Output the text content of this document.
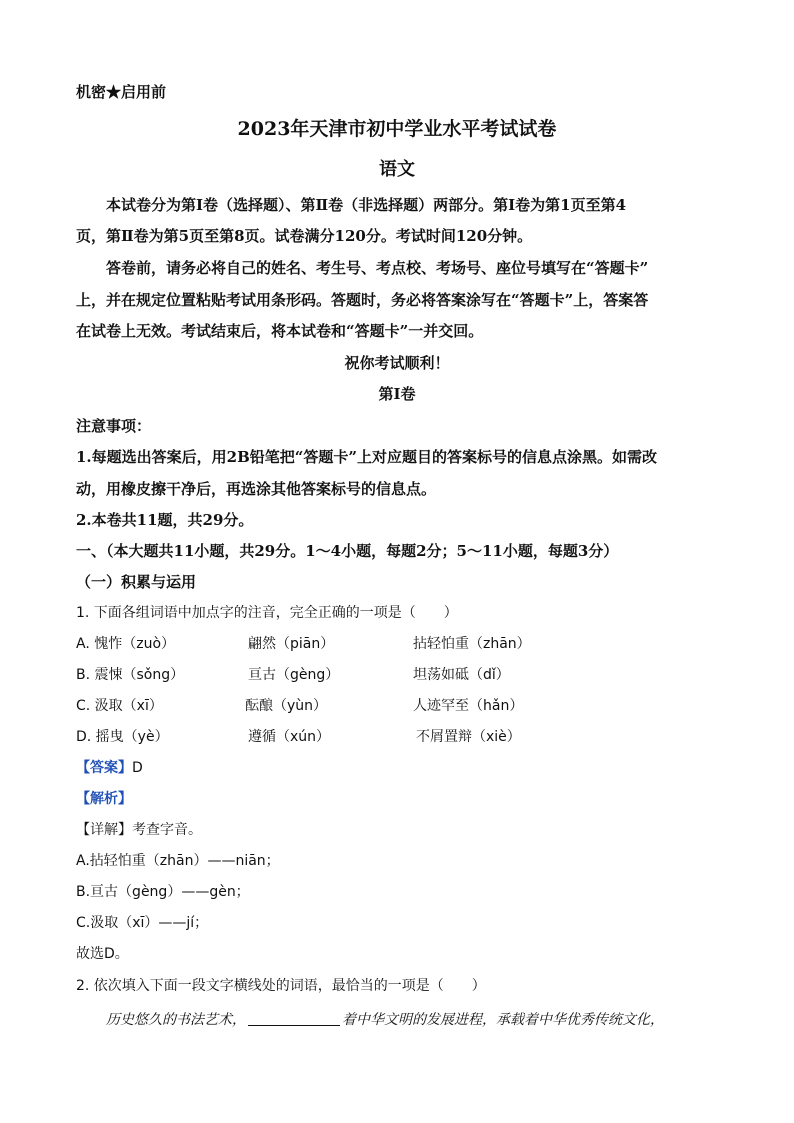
机密★启用前
2023年天津市初中学业水平考试试卷
语文
本试卷分为第Ⅰ卷（选择题）、第Ⅱ卷（非选择题）两部分。第Ⅰ卷为第1页至第4
页，第Ⅱ卷为第5页至第8页。试卷满分120分。考试时间120分钟。
答卷前，请务必将自己的姓名、考生号、考点校、考场号、座位号填写在“答题卡”
上，并在规定位置粘贴考试用条形码。答题时，务必将答案涂写在“答题卡”上，答案答
在试卷上无效。考试结束后，将本试卷和“答题卡”一并交回。
祝你考试顺利！
第Ⅰ卷
注意事项：
1.每题选出答案后，用2B铅笔把“答题卡”上对应题目的答案标号的信息点涂黑。如需改
动，用橡皮擦干净后，再选涂其他答案标号的信息点。
2.本卷共11题，共29分。
一、（本大题共11小题，共29分。1～4小题，每题2分；5～11小题，每题3分）
（一）积累与运用
1. 下面各组词语中加点字的注音，完全正确的一项是（　　）
A. 愧怍（zuò）	翩然（piān）	拈轻怕重（zhān）
B. 震悚（sǒng）	亘古（gèng）	坦荡如砥（dǐ）
C. 汲取（xī）	酝酿（yùn）	人迹罕至（hǎn）
D. 摇曳（yè）	遵循（xún）	不屑置辩（xiè）
【答案】D
【解析】
【详解】考查字音。
A.拈轻怕重（zhān）——niān；
B.亘古（gèng）——gèn；
C.汲取（xī）——jí；
故选D。
2. 依次填入下面一段文字横线处的词语，最恰当的一项是（　　）
历史悠久的书法艺术，	着中华文明的发展进程，承载着中华优秀传统文化，
